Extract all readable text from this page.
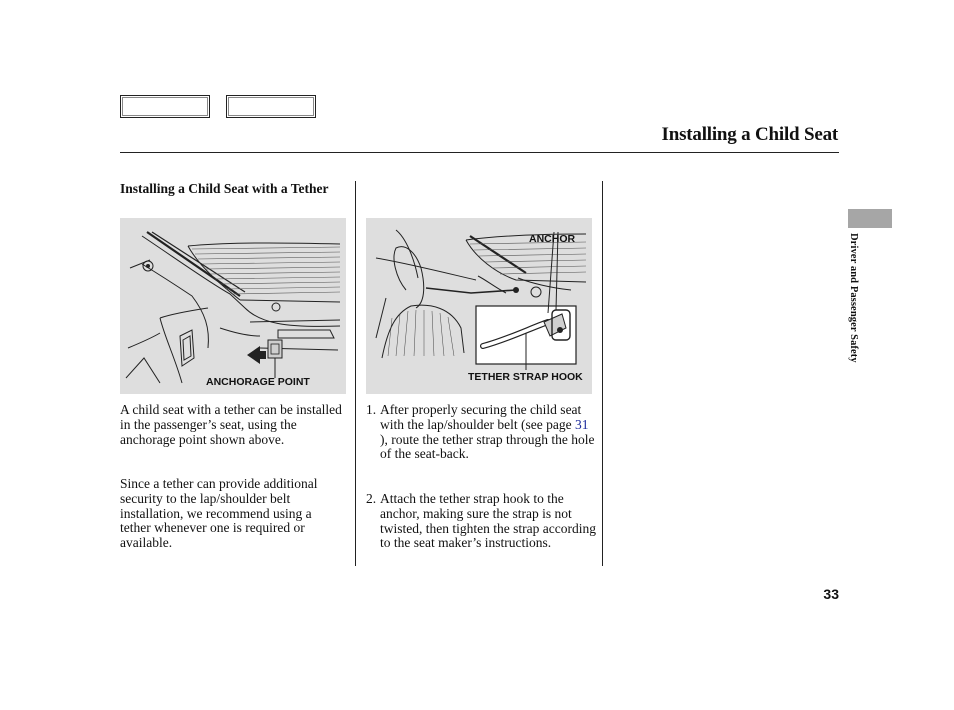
Installing a Child Seat
Installing a Child Seat with a Tether
ANCHORAGE POINT
ANCHOR
TETHER STRAP HOOK

A child seat with a tether can be installed in the passenger’s seat, using the anchorage point shown above.

Since a tether can provide additional security to the lap/shoulder belt installation, we recommend using a tether whenever one is required or available.

1. After properly securing the child seat with the lap/shoulder belt (see page 31 ), route the tether strap through the hole of the seat-back.
2. Attach the tether strap hook to the anchor, making sure the strap is not twisted, then tighten the strap according to the seat maker’s instructions.
Driver and Passenger Safety
33
